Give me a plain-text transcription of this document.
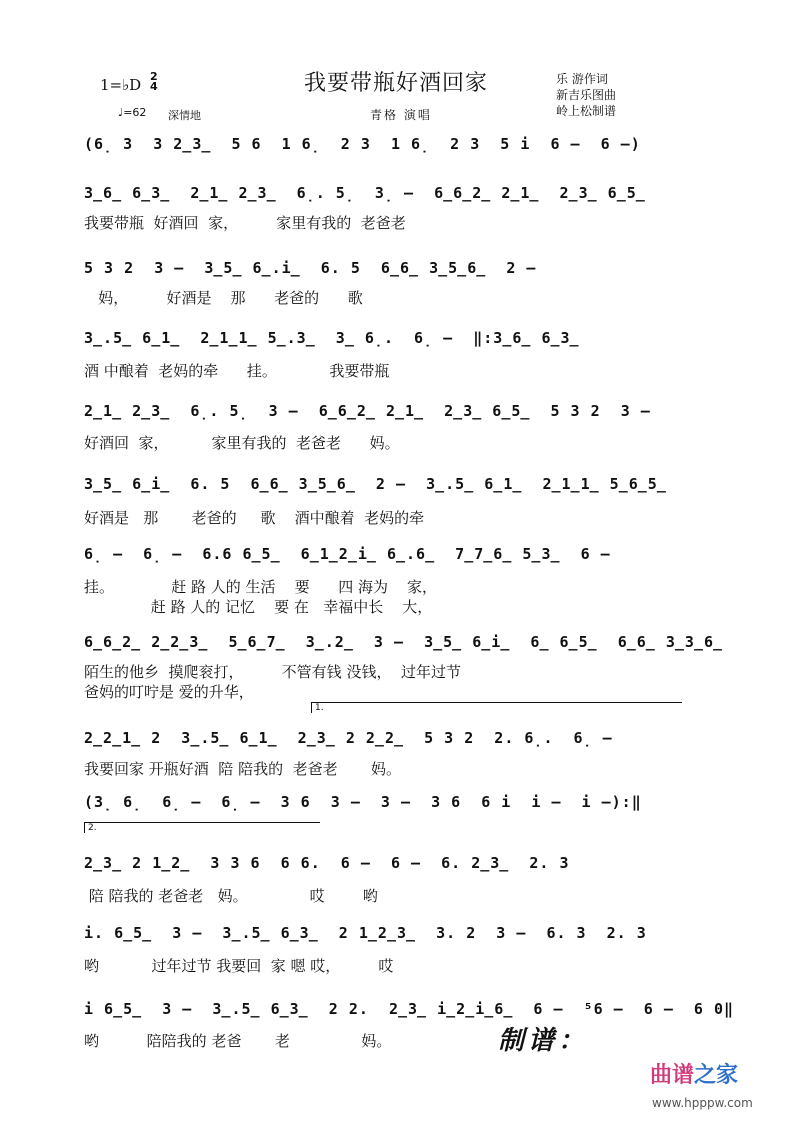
1=♭D 2
4	我要带瓶好酒回家
♩=62 深情地	青格 演唱
乐 游作词
新吉乐图曲
岭上松制谱
(6̣ 3  3 2̲3̲  5 6  1 6̣  2 3  1 6̣  2 3  5 i  6 –  6 –)
3̲6̲ 6̲3̲  2̲1̲ 2̲3̲  6̣. 5̣  3̣ –  6̲6̲2̲ 2̲1̲  2̲3̲ 6̲5̲
我要带瓶  好酒回  家，        家里有我的  老爸老
5 3 2  3 –  3̲5̲ 6̲.i̲  6. 5  6̲6̲ 3̲5̲6̲  2 –
妈，        好酒是    那      老爸的      歌
3̲.5̲ 6̲1̲  2̲1̲1̲ 5̲.3̲  3̲ 6̣.  6̣ –  ‖:3̲6̲ 6̲3̲
酒 中酿着  老妈的牵      挂。           我要带瓶
2̲1̲ 2̲3̲  6̣. 5̣  3 –  6̲6̲2̲ 2̲1̲  2̲3̲ 6̲5̲  5 3 2  3 –
好酒回  家，         家里有我的  老爸老      妈。
3̲5̲ 6̲i̲  6. 5  6̲6̲ 3̲5̲6̲  2 –  3̲.5̲ 6̲1̲  2̲1̲1̲ 5̲6̲5̲
好酒是   那       老爸的     歌    酒中酿着  老妈的牵
6̣ –  6̣ –  6.6 6̲5̲  6̲1̲2̲i̲ 6̲.6̲  7̲7̲6̲ 5̲3̲  6 –
挂。            赶 路 人的 生活    要      四 海为    家，
赶 路 人的 记忆    要 在   幸福中长    大，
6̲6̲2̲ 2̲2̲3̲  5̲6̲7̲  3̲.2̲  3 –  3̲5̲ 6̲i̲  6̲ 6̲5̲  6̲6̲ 3̲3̲6̲
陌生的他乡  摸爬衮打，        不管有钱 没钱，  过年过节
爸妈的叮咛是 爱的升华，
1.
2̲2̲1̲ 2  3̲.5̲ 6̲1̲  2̲3̲ 2 2̲2̲  5 3 2  2. 6̣.  6̣ –
我要回家 开瓶好酒  陪 陪我的  老爸老       妈。
(3̣ 6̣  6̣ –  6̣ –  3 6  3 –  3 –  3 6  6 i  i –  i –):‖
2.
2̲3̲ 2 1̲2̲  3 3 6  6 6.  6 –  6 –  6. 2̲3̲  2. 3
陪 陪我的 老爸老   妈。             哎        哟
i. 6̲5̲  3 –  3̲.5̲ 6̲3̲  2 1̲2̲3̲  3. 2  3 –  6. 3  2. 3
哟           过年过节 我要回  家 嗯 哎，        哎
i 6̲5̲  3 –  3̲.5̲ 6̲3̲  2 2.  2̲3̲ i̲2̲i̲6̲  6 –  ⁵6 –  6 –  6 0‖
哟          陪陪我的 老爸       老               妈。	制谱：
曲谱之家
www.hpppw.com
